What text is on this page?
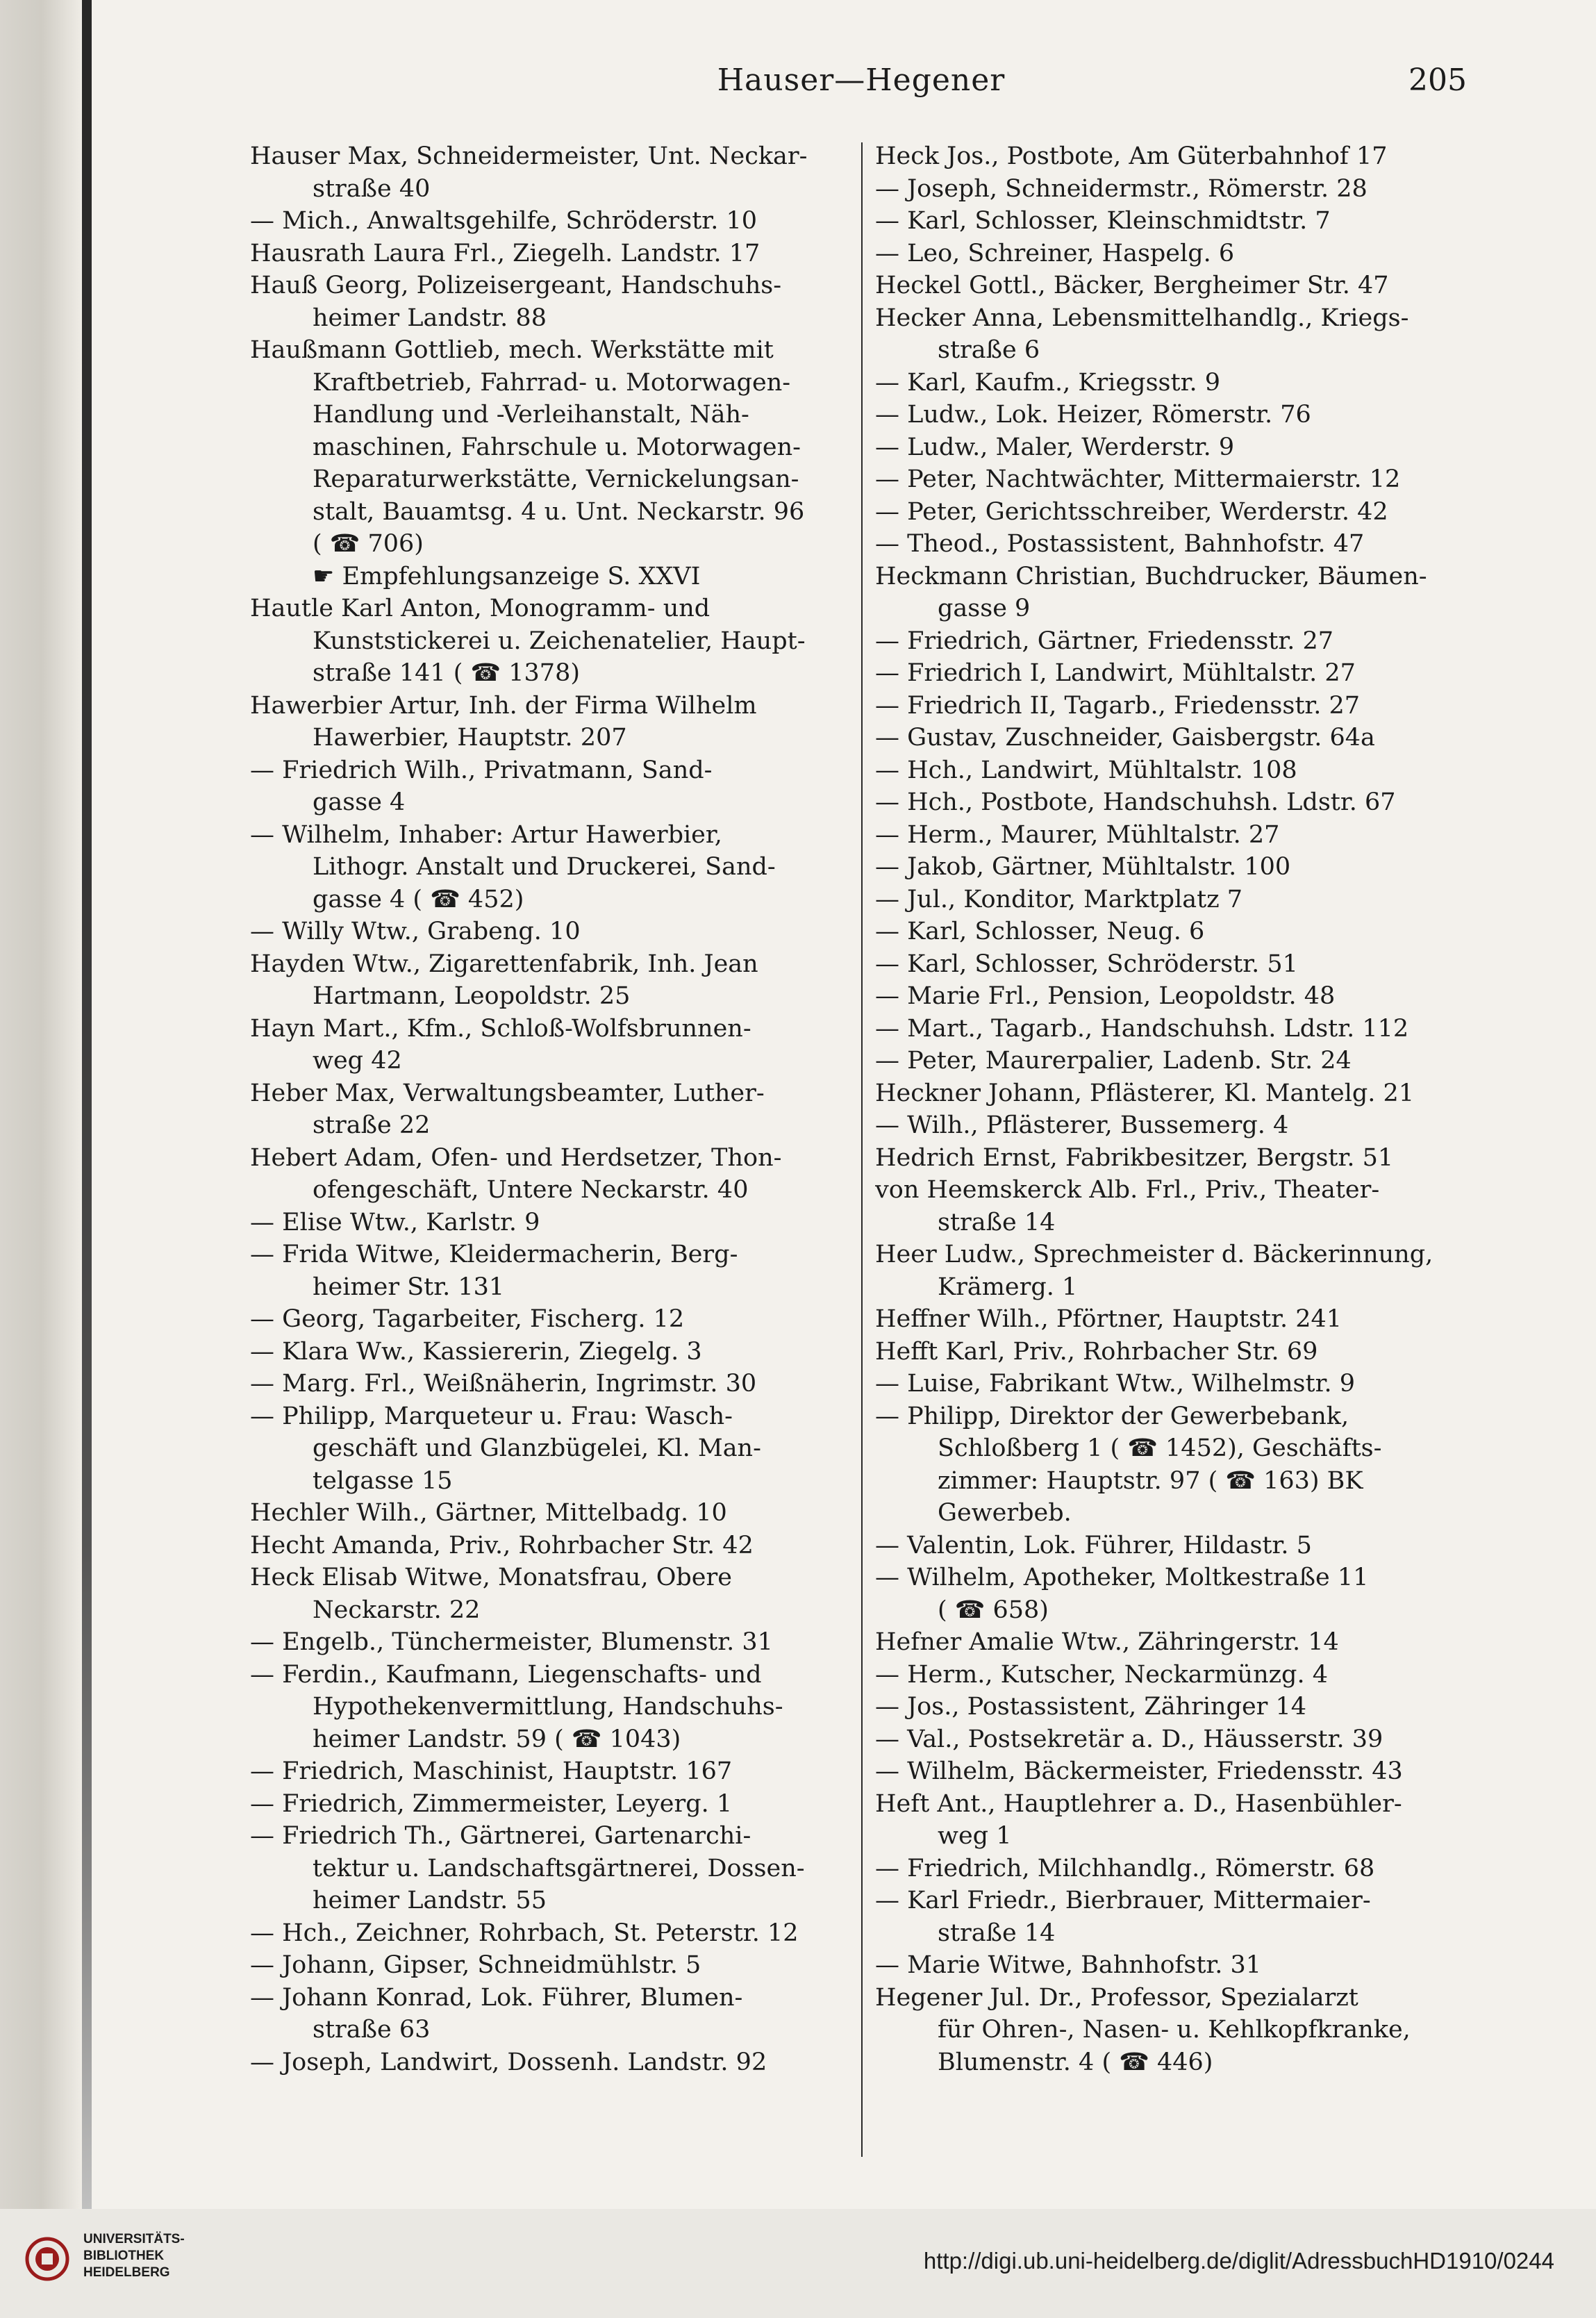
Hauser—Hegener	205
Hauser Max, Schneidermeister, Unt. Neckar-
straße 40
— Mich., Anwaltsgehilfe, Schröderstr. 10
Hausrath Laura Frl., Ziegelh. Landstr. 17
Hauß Georg, Polizeisergeant, Handschuhs-
heimer Landstr. 88
Haußmann Gottlieb, mech. Werkstätte mit
Kraftbetrieb, Fahrrad- u. Motorwagen-
Handlung und -Verleihanstalt, Näh-
maschinen, Fahrschule u. Motorwagen-
Reparaturwerkstätte, Vernickelungsan-
stalt, Bauamtsg. 4 u. Unt. Neckarstr. 96
( ☎ 706)
☛ Empfehlungsanzeige S. XXVI
Hautle Karl Anton, Monogramm- und
Kunststickerei u. Zeichenatelier, Haupt-
straße 141 ( ☎ 1378)
Hawerbier Artur, Inh. der Firma Wilhelm
Hawerbier, Hauptstr. 207
— Friedrich Wilh., Privatmann, Sand-
gasse 4
— Wilhelm, Inhaber: Artur Hawerbier,
Lithogr. Anstalt und Druckerei, Sand-
gasse 4 ( ☎ 452)
— Willy Wtw., Grabeng. 10
Hayden Wtw., Zigarettenfabrik, Inh. Jean
Hartmann, Leopoldstr. 25
Hayn Mart., Kfm., Schloß-Wolfsbrunnen-
weg 42
Heber Max, Verwaltungsbeamter, Luther-
straße 22
Hebert Adam, Ofen- und Herdsetzer, Thon-
ofengeschäft, Untere Neckarstr. 40
— Elise Wtw., Karlstr. 9
— Frida Witwe, Kleidermacherin, Berg-
heimer Str. 131
— Georg, Tagarbeiter, Fischerg. 12
— Klara Ww., Kassiererin, Ziegelg. 3
— Marg. Frl., Weißnäherin, Ingrimstr. 30
— Philipp, Marqueteur u. Frau: Wasch-
geschäft und Glanzbügelei, Kl. Man-
telgasse 15
Hechler Wilh., Gärtner, Mittelbadg. 10
Hecht Amanda, Priv., Rohrbacher Str. 42
Heck Elisab Witwe, Monatsfrau, Obere
Neckarstr. 22
— Engelb., Tünchermeister, Blumenstr. 31
— Ferdin., Kaufmann, Liegenschafts- und
Hypothekenvermittlung, Handschuhs-
heimer Landstr. 59 ( ☎ 1043)
— Friedrich, Maschinist, Hauptstr. 167
— Friedrich, Zimmermeister, Leyerg. 1
— Friedrich Th., Gärtnerei, Gartenarchi-
tektur u. Landschaftsgärtnerei, Dossen-
heimer Landstr. 55
— Hch., Zeichner, Rohrbach, St. Peterstr. 12
— Johann, Gipser, Schneidmühlstr. 5
— Johann Konrad, Lok. Führer, Blumen-
straße 63
— Joseph, Landwirt, Dossenh. Landstr. 92
Heck Jos., Postbote, Am Güterbahnhof 17
— Joseph, Schneidermstr., Römerstr. 28
— Karl, Schlosser, Kleinschmidtstr. 7
— Leo, Schreiner, Haspelg. 6
Heckel Gottl., Bäcker, Bergheimer Str. 47
Hecker Anna, Lebensmittelhandlg., Kriegs-
straße 6
— Karl, Kaufm., Kriegsstr. 9
— Ludw., Lok. Heizer, Römerstr. 76
— Ludw., Maler, Werderstr. 9
— Peter, Nachtwächter, Mittermaierstr. 12
— Peter, Gerichtsschreiber, Werderstr. 42
— Theod., Postassistent, Bahnhofstr. 47
Heckmann Christian, Buchdrucker, Bäumen-
gasse 9
— Friedrich, Gärtner, Friedensstr. 27
— Friedrich I, Landwirt, Mühltalstr. 27
— Friedrich II, Tagarb., Friedensstr. 27
— Gustav, Zuschneider, Gaisbergstr. 64a
— Hch., Landwirt, Mühltalstr. 108
— Hch., Postbote, Handschuhsh. Ldstr. 67
— Herm., Maurer, Mühltalstr. 27
— Jakob, Gärtner, Mühltalstr. 100
— Jul., Konditor, Marktplatz 7
— Karl, Schlosser, Neug. 6
— Karl, Schlosser, Schröderstr. 51
— Marie Frl., Pension, Leopoldstr. 48
— Mart., Tagarb., Handschuhsh. Ldstr. 112
— Peter, Maurerpalier, Ladenb. Str. 24
Heckner Johann, Pflästerer, Kl. Mantelg. 21
— Wilh., Pflästerer, Bussemerg. 4
Hedrich Ernst, Fabrikbesitzer, Bergstr. 51
von Heemskerck Alb. Frl., Priv., Theater-
straße 14
Heer Ludw., Sprechmeister d. Bäckerinnung,
Krämerg. 1
Heffner Wilh., Pförtner, Hauptstr. 241
Hefft Karl, Priv., Rohrbacher Str. 69
— Luise, Fabrikant Wtw., Wilhelmstr. 9
— Philipp, Direktor der Gewerbebank,
Schloßberg 1 ( ☎ 1452), Geschäfts-
zimmer: Hauptstr. 97 ( ☎ 163) BK
Gewerbeb.
— Valentin, Lok. Führer, Hildastr. 5
— Wilhelm, Apotheker, Moltkestraße 11
( ☎ 658)
Hefner Amalie Wtw., Zähringerstr. 14
— Herm., Kutscher, Neckarmünzg. 4
— Jos., Postassistent, Zähringer 14
— Val., Postsekretär a. D., Häusserstr. 39
— Wilhelm, Bäckermeister, Friedensstr. 43
Heft Ant., Hauptlehrer a. D., Hasenbühler-
weg 1
— Friedrich, Milchhandlg., Römerstr. 68
— Karl Friedr., Bierbrauer, Mittermaier-
straße 14
— Marie Witwe, Bahnhofstr. 31
Hegener Jul. Dr., Professor, Spezialarzt
für Ohren-, Nasen- u. Kehlkopfkranke,
Blumenstr. 4 ( ☎ 446)
UNIVERSITÄTS-
BIBLIOTHEK
HEIDELBERG	http://digi.ub.uni-heidelberg.de/diglit/AdressbuchHD1910/0244
